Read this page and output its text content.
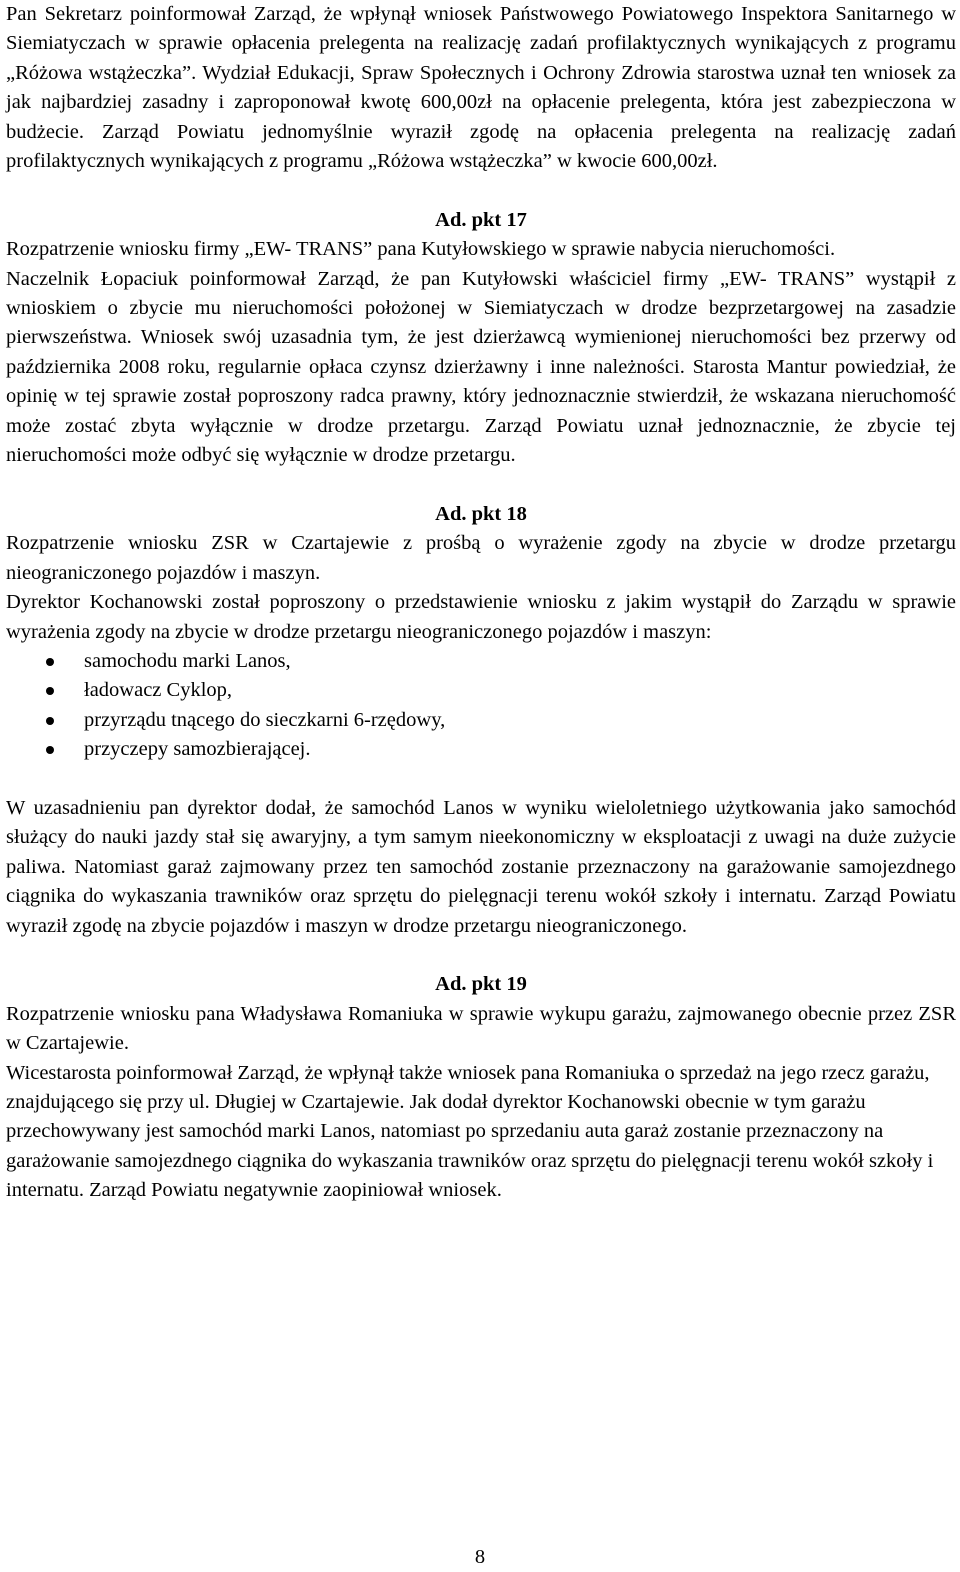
Pan Sekretarz poinformował Zarząd, że wpłynął wniosek Państwowego Powiatowego Inspektora Sanitarnego w Siemiatyczach w sprawie opłacenia prelegenta na realizację zadań profilaktycznych wynikających z programu „Różowa wstążeczka”. Wydział Edukacji, Spraw Społecznych i Ochrony Zdrowia starostwa uznał ten wniosek za jak najbardziej zasadny i zaproponował kwotę 600,00zł na opłacenie prelegenta, która jest zabezpieczona w budżecie. Zarząd Powiatu jednomyślnie wyraził zgodę na opłacenia prelegenta na realizację zadań profilaktycznych wynikających z programu „Różowa wstążeczka” w kwocie 600,00zł.

Ad. pkt 17

Rozpatrzenie wniosku firmy „EW- TRANS” pana Kutyłowskiego w sprawie nabycia nieruchomości.

Naczelnik Łopaciuk poinformował Zarząd, że pan Kutyłowski właściciel firmy „EW- TRANS” wystąpił z wnioskiem o zbycie mu nieruchomości położonej w Siemiatyczach w drodze bezprzetargowej na zasadzie pierwszeństwa. Wniosek swój uzasadnia tym, że jest dzierżawcą wymienionej nieruchomości bez przerwy od października 2008 roku, regularnie opłaca czynsz dzierżawny i inne należności. Starosta Mantur powiedział, że opinię w tej sprawie został poproszony radca prawny, który jednoznacznie stwierdził, że wskazana nieruchomość może zostać zbyta wyłącznie w drodze przetargu. Zarząd Powiatu uznał jednoznacznie, że zbycie tej nieruchomości może odbyć się wyłącznie w drodze przetargu.

Ad. pkt 18

Rozpatrzenie wniosku ZSR w Czartajewie z prośbą o wyrażenie zgody na zbycie w drodze przetargu nieograniczonego pojazdów i maszyn.

Dyrektor Kochanowski został poproszony o przedstawienie wniosku z jakim wystąpił do Zarządu w sprawie wyrażenia zgody na zbycie w drodze przetargu nieograniczonego pojazdów i maszyn:

samochodu marki Lanos,
ładowacz Cyklop,
przyrządu tnącego do sieczkarni 6-rzędowy,
przyczepy samozbierającej.

W uzasadnieniu pan dyrektor dodał, że samochód Lanos w wyniku wieloletniego użytkowania jako samochód służący do nauki jazdy stał się awaryjny, a tym samym nieekonomiczny w eksploatacji z uwagi na duże zużycie paliwa. Natomiast garaż zajmowany przez ten samochód zostanie przeznaczony na garażowanie samojezdnego ciągnika do wykaszania trawników oraz sprzętu do pielęgnacji terenu wokół szkoły i internatu. Zarząd Powiatu wyraził zgodę na zbycie pojazdów i maszyn w drodze przetargu nieograniczonego.

Ad. pkt 19

Rozpatrzenie wniosku pana Władysława Romaniuka w sprawie wykupu garażu, zajmowanego obecnie przez ZSR w Czartajewie.

Wicestarosta poinformował Zarząd, że wpłynął także wniosek pana Romaniuka o sprzedaż na jego rzecz garażu, znajdującego się przy ul. Długiej w Czartajewie. Jak dodał dyrektor Kochanowski obecnie w tym garażu przechowywany jest samochód marki Lanos, natomiast po sprzedaniu auta garaż zostanie przeznaczony na garażowanie samojezdnego ciągnika do wykaszania trawników oraz sprzętu do pielęgnacji terenu wokół szkoły i internatu. Zarząd Powiatu negatywnie zaopiniował wniosek.

8
